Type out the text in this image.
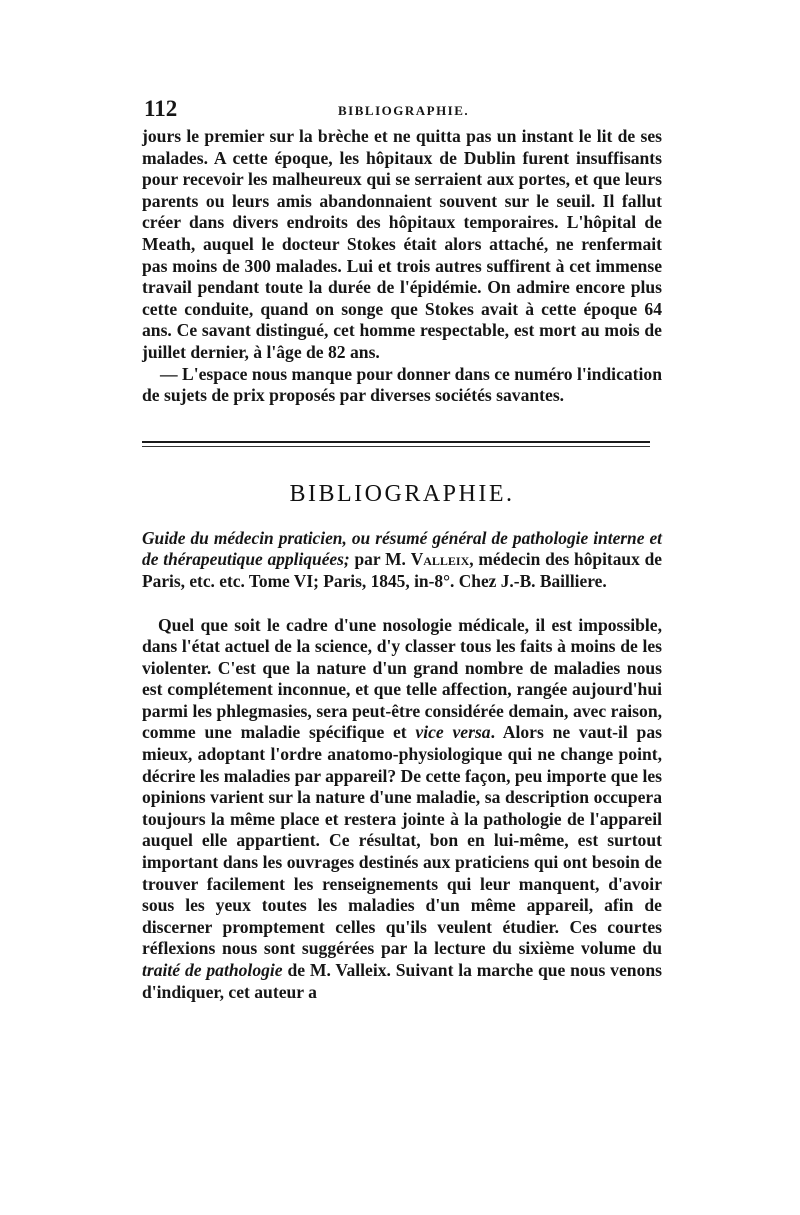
112	BIBLIOGRAPHIE.

jours le premier sur la brèche et ne quitta pas un instant le lit de ses malades. A cette époque, les hôpitaux de Dublin furent insuffisants pour recevoir les malheureux qui se serraient aux portes, et que leurs parents ou leurs amis abandonnaient souvent sur le seuil. Il fallut créer dans divers endroits des hôpitaux temporaires. L'hôpital de Meath, auquel le docteur Stokes était alors attaché, ne renfermait pas moins de 300 malades. Lui et trois autres suffirent à cet immense travail pendant toute la durée de l'épidémie. On admire encore plus cette conduite, quand on songe que Stokes avait à cette époque 64 ans. Ce savant distingué, cet homme respectable, est mort au mois de juillet dernier, à l'âge de 82 ans.

— L'espace nous manque pour donner dans ce numéro l'indication de sujets de prix proposés par diverses sociétés savantes.

BIBLIOGRAPHIE.
Guide du médecin praticien, ou résumé général de pathologie interne et de thérapeutique appliquées; par M. Valleix, médecin des hôpitaux de Paris, etc. etc. Tome VI; Paris, 1845, in-8°. Chez J.-B. Bailliere.

Quel que soit le cadre d'une nosologie médicale, il est impossible, dans l'état actuel de la science, d'y classer tous les faits à moins de les violenter. C'est que la nature d'un grand nombre de maladies nous est complétement inconnue, et que telle affection, rangée aujourd'hui parmi les phlegmasies, sera peut-être considérée demain, avec raison, comme une maladie spécifique et vice versa. Alors ne vaut-il pas mieux, adoptant l'ordre anatomo-physiologique qui ne change point, décrire les maladies par appareil? De cette façon, peu importe que les opinions varient sur la nature d'une maladie, sa description occupera toujours la même place et restera jointe à la pathologie de l'appareil auquel elle appartient. Ce résultat, bon en lui-même, est surtout important dans les ouvrages destinés aux praticiens qui ont besoin de trouver facilement les renseignements qui leur manquent, d'avoir sous les yeux toutes les maladies d'un même appareil, afin de discerner promptement celles qu'ils veulent étudier. Ces courtes réflexions nous sont suggérées par la lecture du sixième volume du traité de pathologie de M. Valleix. Suivant la marche que nous venons d'indiquer, cet auteur a
